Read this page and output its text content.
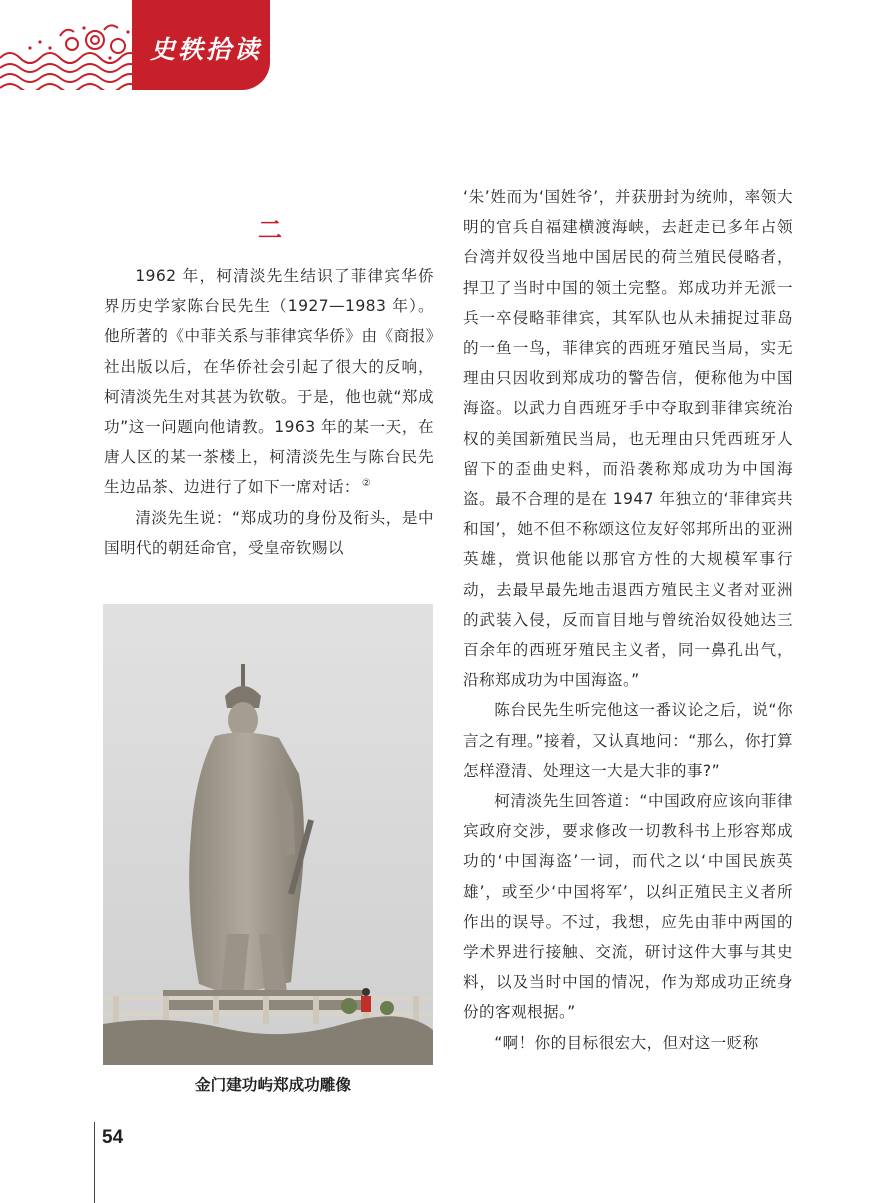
史轶拾读
二

1962 年，柯清淡先生结识了菲律宾华侨界历史学家陈台民先生（1927—1983 年）。他所著的《中菲关系与菲律宾华侨》由《商报》社出版以后，在华侨社会引起了很大的反响，柯清淡先生对其甚为钦敬。于是，他也就“郑成功”这一问题向他请教。1963 年的某一天，在唐人区的某一茶楼上，柯清淡先生与陈台民先生边品茶、边进行了如下一席对话： ②

清淡先生说：“郑成功的身份及衔头，是中国明代的朝廷命官，受皇帝钦赐以

金门建功屿郑成功雕像

‘朱’姓而为‘国姓爷’，并获册封为统帅，率领大明的官兵自福建横渡海峡，去赶走已多年占领台湾并奴役当地中国居民的荷兰殖民侵略者，捍卫了当时中国的领土完整。郑成功并无派一兵一卒侵略菲律宾，其军队也从未捕捉过菲岛的一鱼一鸟，菲律宾的西班牙殖民当局，实无理由只因收到郑成功的警告信，便称他为中国海盗。以武力自西班牙手中夺取到菲律宾统治权的美国新殖民当局，也无理由只凭西班牙人留下的歪曲史料，而沿袭称郑成功为中国海盗。最不合理的是在 1947 年独立的‘菲律宾共和国’，她不但不称颂这位友好邻邦所出的亚洲英雄，赏识他能以那官方性的大规模军事行动，去最早最先地击退西方殖民主义者对亚洲的武装入侵，反而盲目地与曾统治奴役她达三百余年的西班牙殖民主义者，同一鼻孔出气，沿称郑成功为中国海盗。”

陈台民先生听完他这一番议论之后，说“你言之有理。”接着，又认真地问：“那么，你打算怎样澄清、处理这一大是大非的事?”

柯清淡先生回答道：“中国政府应该向菲律宾政府交涉，要求修改一切教科书上形容郑成功的‘中国海盗’一词，而代之以‘中国民族英雄’，或至少‘中国将军’，以纠正殖民主义者所作出的误导。不过，我想，应先由菲中两国的学术界进行接触、交流，研讨这件大事与其史料，以及当时中国的情况，作为郑成功正统身份的客观根据。”

“啊！你的目标很宏大，但对这一贬称

54
